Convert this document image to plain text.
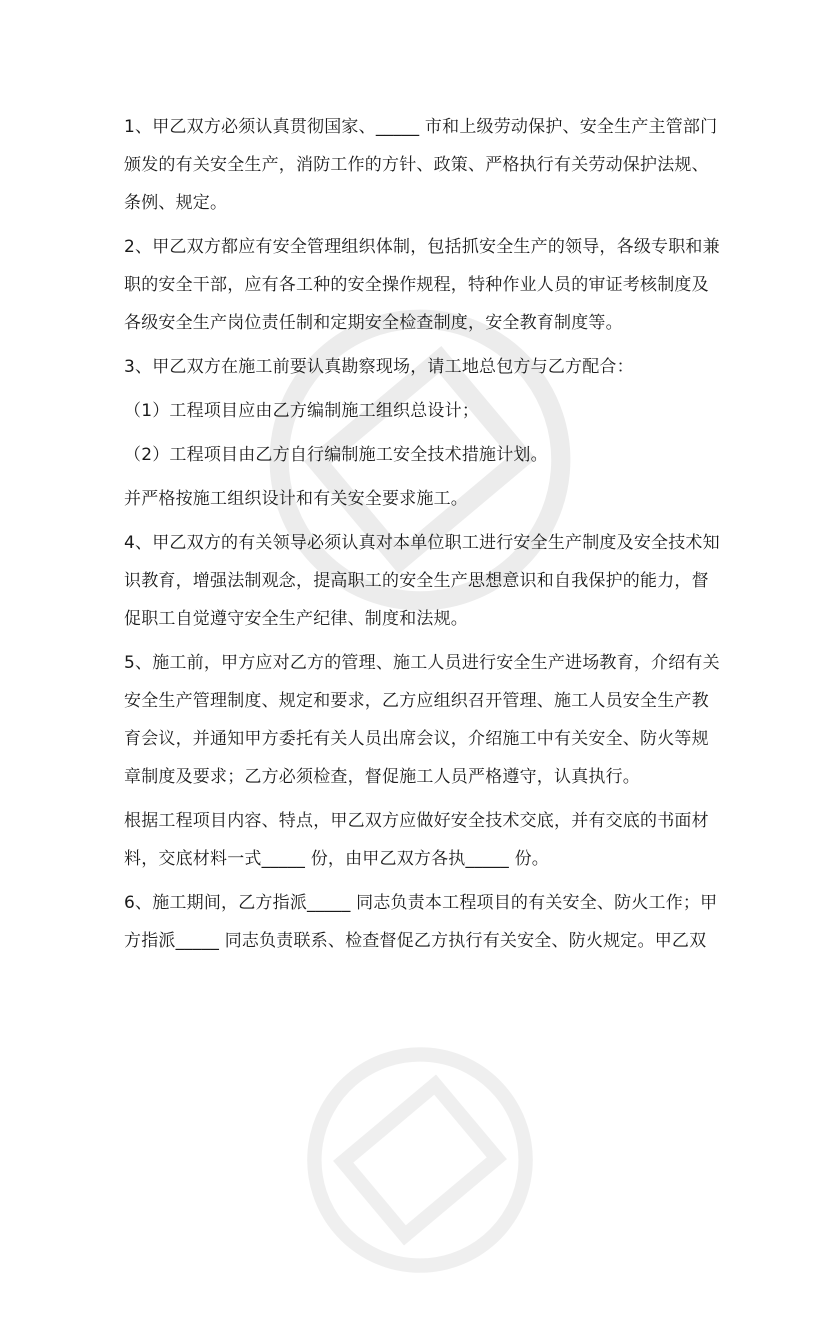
1、甲乙双方必须认真贯彻国家、_____ 市和上级劳动保护、安全生产主管部门
颁发的有关安全生产，消防工作的方针、政策、严格执行有关劳动保护法规、
条例、规定。
2、甲乙双方都应有安全管理组织体制，包括抓安全生产的领导，各级专职和兼
职的安全干部，应有各工种的安全操作规程，特种作业人员的审证考核制度及
各级安全生产岗位责任制和定期安全检查制度，安全教育制度等。
3、甲乙双方在施工前要认真勘察现场，请工地总包方与乙方配合：
（1）工程项目应由乙方编制施工组织总设计；
（2）工程项目由乙方自行编制施工安全技术措施计划。
并严格按施工组织设计和有关安全要求施工。
4、甲乙双方的有关领导必须认真对本单位职工进行安全生产制度及安全技术知
识教育，增强法制观念，提高职工的安全生产思想意识和自我保护的能力，督
促职工自觉遵守安全生产纪律、制度和法规。
5、施工前，甲方应对乙方的管理、施工人员进行安全生产进场教育，介绍有关
安全生产管理制度、规定和要求，乙方应组织召开管理、施工人员安全生产教
育会议，并通知甲方委托有关人员出席会议，介绍施工中有关安全、防火等规
章制度及要求；乙方必须检查，督促施工人员严格遵守，认真执行。
根据工程项目内容、特点，甲乙双方应做好安全技术交底，并有交底的书面材
料，交底材料一式_____ 份，由甲乙双方各执_____ 份。
6、施工期间，乙方指派_____ 同志负责本工程项目的有关安全、防火工作；甲
方指派_____ 同志负责联系、检查督促乙方执行有关安全、防火规定。甲乙双
